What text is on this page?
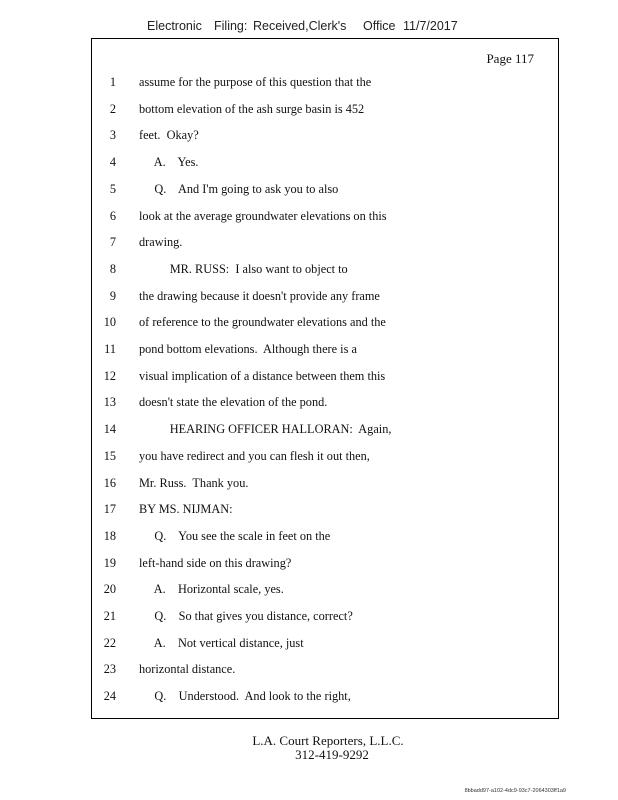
Electronic Filing: Received,Clerk's Office 11/7/2017
Page 117
1 assume for the purpose of this question that the
2 bottom elevation of the ash surge basin is 452
3 feet.  Okay?
4 A.    Yes.
5 Q.    And I'm going to ask you to also
6 look at the average groundwater elevations on this
7 drawing.
8 MR. RUSS:  I also want to object to
9 the drawing because it doesn't provide any frame
10 of reference to the groundwater elevations and the
11 pond bottom elevations.  Although there is a
12 visual implication of a distance between them this
13 doesn't state the elevation of the pond.
14 HEARING OFFICER HALLORAN:  Again,
15 you have redirect and you can flesh it out then,
16 Mr. Russ.  Thank you.
17 BY MS. NIJMAN:
18 Q.    You see the scale in feet on the
19 left-hand side on this drawing?
20 A.    Horizontal scale, yes.
21 Q.    So that gives you distance, correct?
22 A.    Not vertical distance, just
23 horizontal distance.
24 Q.    Understood.  And look to the right,
L.A. Court Reporters, L.L.C.
312-419-9292
8bbadd97-a102-4dc9-93c7-2064303ff1a9
